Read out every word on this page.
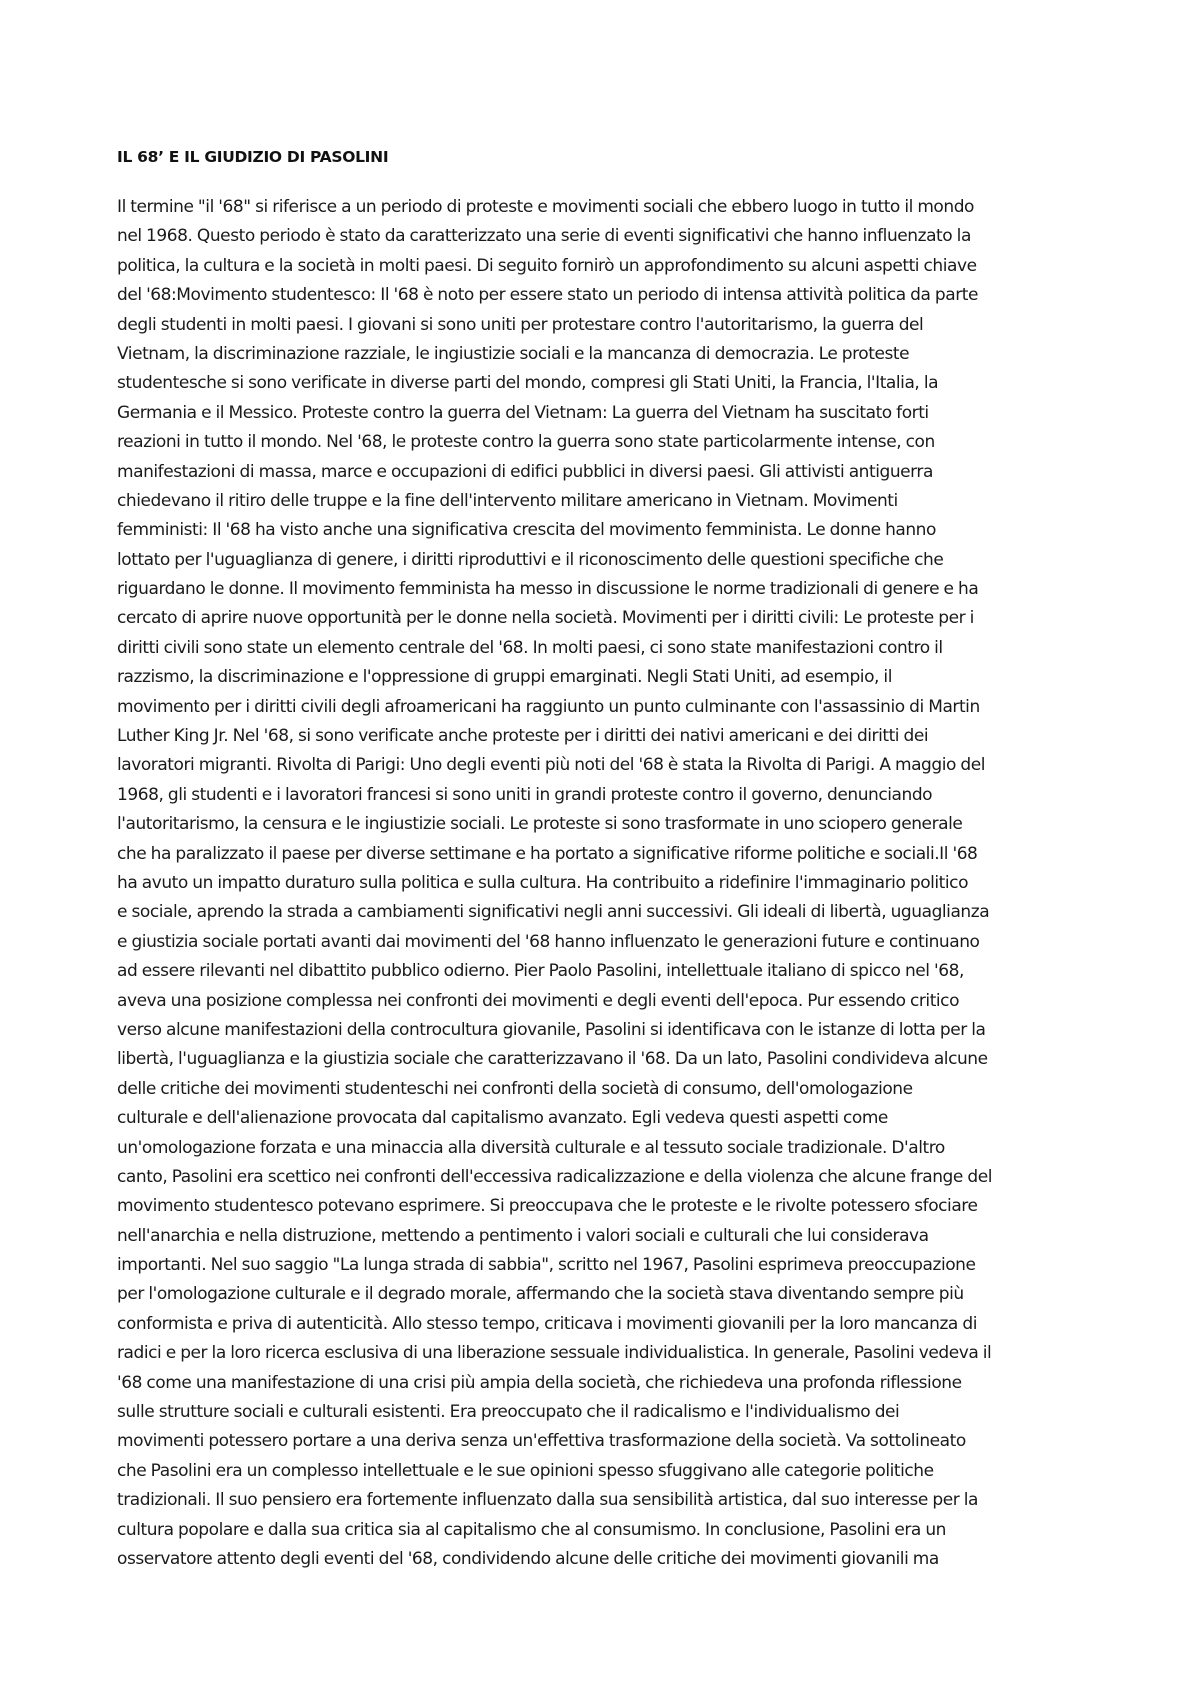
IL 68’ E IL GIUDIZIO DI PASOLINI
Il termine "il '68" si riferisce a un periodo di proteste e movimenti sociali che ebbero luogo in tutto il mondo
nel 1968. Questo periodo è stato da caratterizzato una serie di eventi significativi che hanno influenzato la
politica, la cultura e la società in molti paesi. Di seguito fornirò un approfondimento su alcuni aspetti chiave
del '68:Movimento studentesco: Il '68 è noto per essere stato un periodo di intensa attività politica da parte
degli studenti in molti paesi. I giovani si sono uniti per protestare contro l'autoritarismo, la guerra del
Vietnam, la discriminazione razziale, le ingiustizie sociali e la mancanza di democrazia. Le proteste
studentesche si sono verificate in diverse parti del mondo, compresi gli Stati Uniti, la Francia, l'Italia, la
Germania e il Messico. Proteste contro la guerra del Vietnam: La guerra del Vietnam ha suscitato forti
reazioni in tutto il mondo. Nel '68, le proteste contro la guerra sono state particolarmente intense, con
manifestazioni di massa, marce e occupazioni di edifici pubblici in diversi paesi. Gli attivisti antiguerra
chiedevano il ritiro delle truppe e la fine dell'intervento militare americano in Vietnam. Movimenti
femministi: Il '68 ha visto anche una significativa crescita del movimento femminista. Le donne hanno
lottato per l'uguaglianza di genere, i diritti riproduttivi e il riconoscimento delle questioni specifiche che
riguardano le donne. Il movimento femminista ha messo in discussione le norme tradizionali di genere e ha
cercato di aprire nuove opportunità per le donne nella società. Movimenti per i diritti civili: Le proteste per i
diritti civili sono state un elemento centrale del '68. In molti paesi, ci sono state manifestazioni contro il
razzismo, la discriminazione e l'oppressione di gruppi emarginati. Negli Stati Uniti, ad esempio, il
movimento per i diritti civili degli afroamericani ha raggiunto un punto culminante con l'assassinio di Martin
Luther King Jr. Nel '68, si sono verificate anche proteste per i diritti dei nativi americani e dei diritti dei
lavoratori migranti. Rivolta di Parigi: Uno degli eventi più noti del '68 è stata la Rivolta di Parigi. A maggio del
1968, gli studenti e i lavoratori francesi si sono uniti in grandi proteste contro il governo, denunciando
l'autoritarismo, la censura e le ingiustizie sociali. Le proteste si sono trasformate in uno sciopero generale
che ha paralizzato il paese per diverse settimane e ha portato a significative riforme politiche e sociali.Il '68
ha avuto un impatto duraturo sulla politica e sulla cultura. Ha contribuito a ridefinire l'immaginario politico
e sociale, aprendo la strada a cambiamenti significativi negli anni successivi. Gli ideali di libertà, uguaglianza
e giustizia sociale portati avanti dai movimenti del '68 hanno influenzato le generazioni future e continuano
ad essere rilevanti nel dibattito pubblico odierno. Pier Paolo Pasolini, intellettuale italiano di spicco nel '68,
aveva una posizione complessa nei confronti dei movimenti e degli eventi dell'epoca. Pur essendo critico
verso alcune manifestazioni della controcultura giovanile, Pasolini si identificava con le istanze di lotta per la
libertà, l'uguaglianza e la giustizia sociale che caratterizzavano il '68. Da un lato, Pasolini condivideva alcune
delle critiche dei movimenti studenteschi nei confronti della società di consumo, dell'omologazione
culturale e dell'alienazione provocata dal capitalismo avanzato. Egli vedeva questi aspetti come
un'omologazione forzata e una minaccia alla diversità culturale e al tessuto sociale tradizionale. D'altro
canto, Pasolini era scettico nei confronti dell'eccessiva radicalizzazione e della violenza che alcune frange del
movimento studentesco potevano esprimere. Si preoccupava che le proteste e le rivolte potessero sfociare
nell'anarchia e nella distruzione, mettendo a pentimento i valori sociali e culturali che lui considerava
importanti. Nel suo saggio "La lunga strada di sabbia", scritto nel 1967, Pasolini esprimeva preoccupazione
per l'omologazione culturale e il degrado morale, affermando che la società stava diventando sempre più
conformista e priva di autenticità. Allo stesso tempo, criticava i movimenti giovanili per la loro mancanza di
radici e per la loro ricerca esclusiva di una liberazione sessuale individualistica. In generale, Pasolini vedeva il
'68 come una manifestazione di una crisi più ampia della società, che richiedeva una profonda riflessione
sulle strutture sociali e culturali esistenti. Era preoccupato che il radicalismo e l'individualismo dei
movimenti potessero portare a una deriva senza un'effettiva trasformazione della società. Va sottolineato
che Pasolini era un complesso intellettuale e le sue opinioni spesso sfuggivano alle categorie politiche
tradizionali. Il suo pensiero era fortemente influenzato dalla sua sensibilità artistica, dal suo interesse per la
cultura popolare e dalla sua critica sia al capitalismo che al consumismo. In conclusione, Pasolini era un
osservatore attento degli eventi del '68, condividendo alcune delle critiche dei movimenti giovanili ma
